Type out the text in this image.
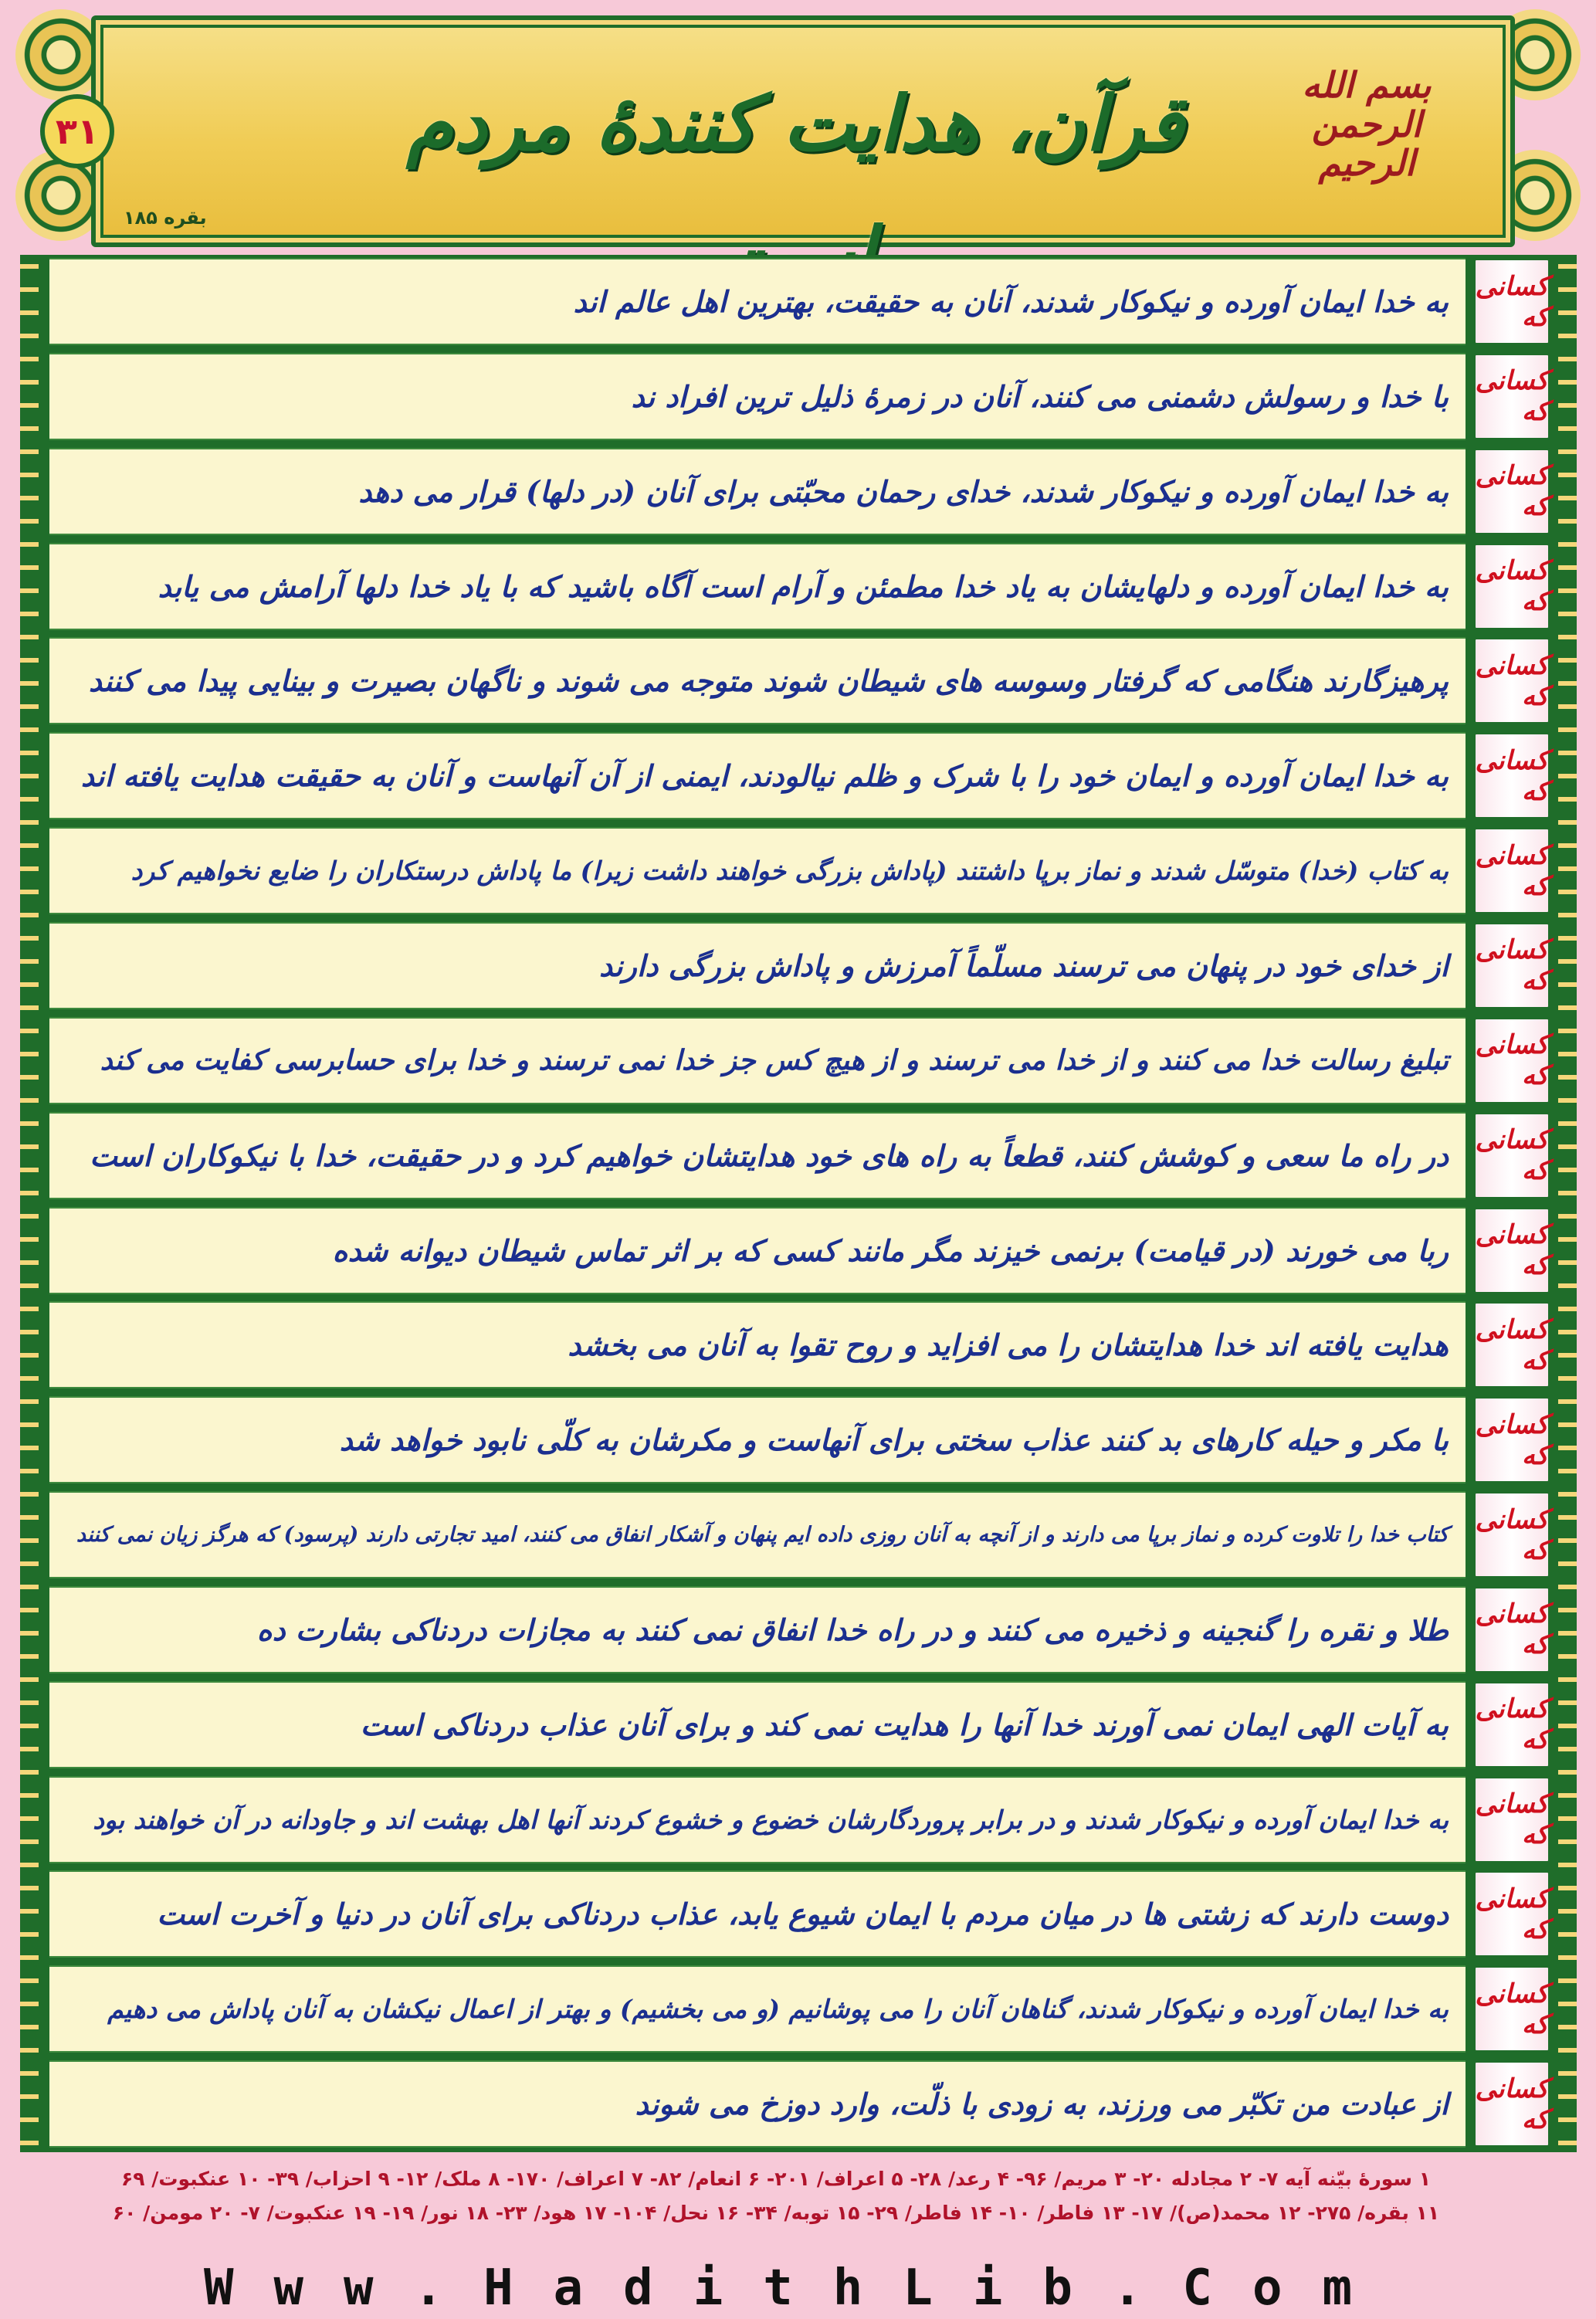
۳۱	قرآن، هدایت کنندهٔ مردم	بسم الله الرحمن الرحیم
بقره ۱۸۵
کسانی که
به خدا ایمان آورده و نیکوکار شدند، آنان به حقیقت، بهترین اهل عالم اند
کسانی که
با خدا و رسولش دشمنی می کنند، آنان در زمرهٔ ذلیل ترین افراد ند
کسانی که
به خدا ایمان آورده و نیکوکار شدند، خدای رحمان محبّتی برای آنان (در دلها) قرار می دهد
کسانی که
به خدا ایمان آورده و دلهایشان به یاد خدا مطمئن و آرام است آگاه باشید که با یاد خدا دلها آرامش می یابد
کسانی که
پرهیزگارند هنگامی که گرفتار وسوسه های شیطان شوند متوجه می شوند و ناگهان بصیرت و بینایی پیدا می کنند
کسانی که
به خدا ایمان آورده و ایمان خود را با شرک و ظلم نیالودند، ایمنی از آن آنهاست و آنان به حقیقت هدایت یافته اند
کسانی که
به کتاب (خدا) متوسّل شدند و نماز برپا داشتند (پاداش بزرگی خواهند داشت زیرا) ما پاداش درستکاران را ضایع نخواهیم کرد
کسانی که
از خدای خود در پنهان می ترسند مسلّماً آمرزش و پاداش بزرگی دارند
کسانی که
تبلیغ رسالت خدا می کنند و از خدا می ترسند و از هیچ کس جز خدا نمی ترسند و خدا برای حسابرسی کفایت می کند
کسانی که
در راه ما سعی و کوشش کنند، قطعاً به راه های خود هدایتشان خواهیم کرد و در حقیقت، خدا با نیکوکاران است
کسانی که
ربا می خورند (در قیامت) برنمی خیزند مگر مانند کسی که بر اثر تماس شیطان دیوانه شده
کسانی که
هدایت یافته اند خدا هدایتشان را می افزاید و روح تقوا به آنان می بخشد
کسانی که
با مکر و حیله کارهای بد کنند عذاب سختی برای آنهاست و مکرشان به کلّی نابود خواهد شد
کسانی که
کتاب خدا را تلاوت کرده و نماز برپا می دارند و از آنچه به آنان روزی داده ایم پنهان و آشکار انفاق می کنند، امید تجارتی دارند (پرسود) که هرگز زیان نمی کنند
کسانی که
طلا و نقره را گنجینه و ذخیره می کنند و در راه خدا انفاق نمی کنند به مجازات دردناکی بشارت ده
کسانی که
به آیات الهی ایمان نمی آورند خدا آنها را هدایت نمی کند و برای آنان عذاب دردناکی است
کسانی که
به خدا ایمان آورده و نیکوکار شدند و در برابر پروردگارشان خضوع و خشوع کردند آنها اهل بهشت اند و جاودانه در آن خواهند بود
کسانی که
دوست دارند که زشتی ها در میان مردم با ایمان شیوع یابد، عذاب دردناکی برای آنان در دنیا و آخرت است
کسانی که
به خدا ایمان آورده و نیکوکار شدند، گناهان آنان را می پوشانیم (و می بخشیم) و بهتر از اعمال نیکشان به آنان پاداش می دهیم
کسانی که
از عبادت من تکبّر می ورزند، به زودی با ذلّت، وارد دوزخ می شوند
۱ سورهٔ بیّنه آیه ۷- ۲ مجادله ۲۰- ۳ مریم/ ۹۶- ۴ رعد/ ۲۸- ۵ اعراف/ ۲۰۱- ۶ انعام/ ۸۲- ۷ اعراف/ ۱۷۰- ۸ ملک/ ۱۲- ۹ احزاب/ ۳۹- ۱۰ عنکبوت/ ۶۹
۱۱ بقره/ ۲۷۵- ۱۲ محمد(ص)/ ۱۷- ۱۳ فاطر/ ۱۰- ۱۴ فاطر/ ۲۹- ۱۵ توبه/ ۳۴- ۱۶ نحل/ ۱۰۴- ۱۷ هود/ ۲۳- ۱۸ نور/ ۱۹- ۱۹ عنکبوت/ ۷- ۲۰ مومن/ ۶۰
Www.HadithLib.Com
